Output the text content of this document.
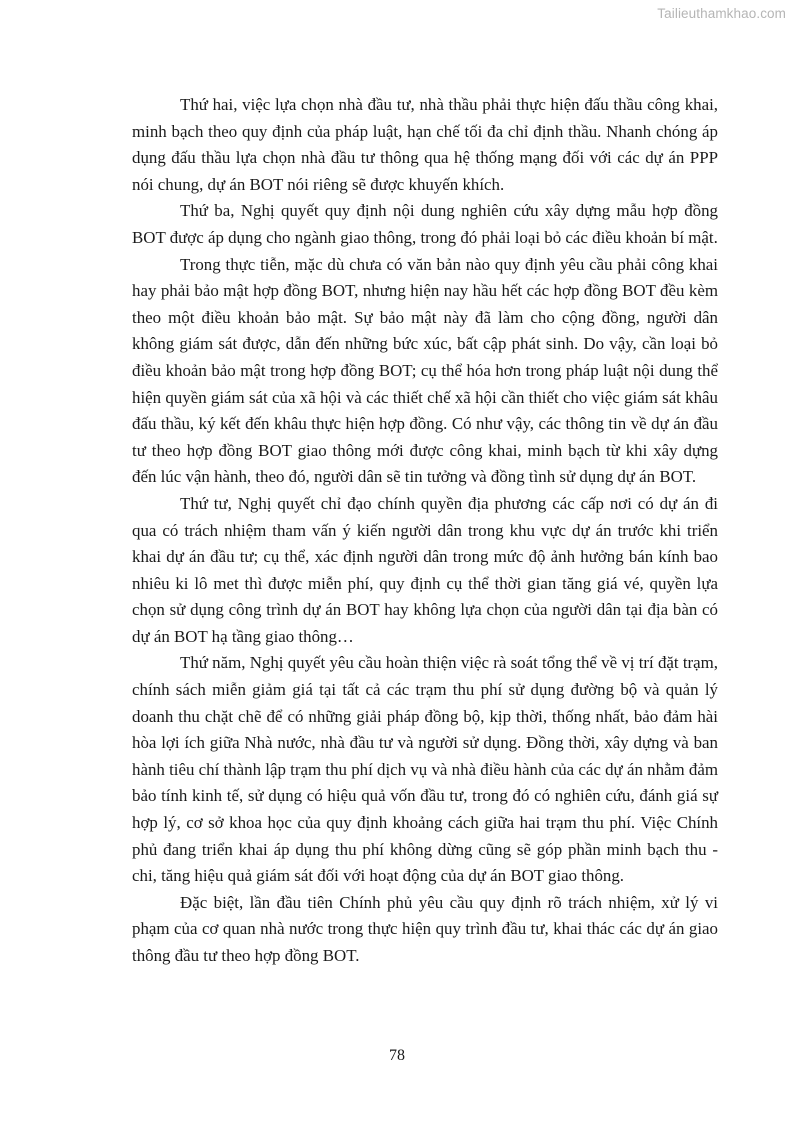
Tailieuthamkhao.com

Thứ hai, việc lựa chọn nhà đầu tư, nhà thầu phải thực hiện đấu thầu công khai, minh bạch theo quy định của pháp luật, hạn chế tối đa chỉ định thầu. Nhanh chóng áp dụng đấu thầu lựa chọn nhà đầu tư thông qua hệ thống mạng đối với các dự án PPP nói chung, dự án BOT nói riêng sẽ được khuyến khích.

Thứ ba, Nghị quyết quy định nội dung nghiên cứu xây dựng mẫu hợp đồng BOT được áp dụng cho ngành giao thông, trong đó phải loại bỏ các điều khoản bí mật.

Trong thực tiễn, mặc dù chưa có văn bản nào quy định yêu cầu phải công khai hay phải bảo mật hợp đồng BOT, nhưng hiện nay hầu hết các hợp đồng BOT đều kèm theo một điều khoản bảo mật. Sự bảo mật này đã làm cho cộng đồng, người dân không giám sát được, dẫn đến những bức xúc, bất cập phát sinh. Do vậy, cần loại bỏ điều khoản bảo mật trong hợp đồng BOT; cụ thể hóa hơn trong pháp luật nội dung thể hiện quyền giám sát của xã hội và các thiết chế xã hội cần thiết cho việc giám sát khâu đấu thầu, ký kết đến khâu thực hiện hợp đồng. Có như vậy, các thông tin về dự án đầu tư theo hợp đồng BOT giao thông mới được công khai, minh bạch từ khi xây dựng đến lúc vận hành, theo đó, người dân sẽ tin tưởng và đồng tình sử dụng dự án BOT.

Thứ tư, Nghị quyết chỉ đạo chính quyền địa phương các cấp nơi có dự án đi qua có trách nhiệm tham vấn ý kiến người dân trong khu vực dự án trước khi triển khai dự án đầu tư; cụ thể, xác định người dân trong mức độ ảnh hưởng bán kính bao nhiêu ki lô met thì được miễn phí, quy định cụ thể thời gian tăng giá vé, quyền lựa chọn sử dụng công trình dự án BOT hay không lựa chọn của người dân tại địa bàn có dự án BOT hạ tầng giao thông…

Thứ năm, Nghị quyết yêu cầu hoàn thiện việc rà soát tổng thể về vị trí đặt trạm, chính sách miễn giảm giá tại tất cả các trạm thu phí sử dụng đường bộ và quản lý doanh thu chặt chẽ để có những giải pháp đồng bộ, kịp thời, thống nhất, bảo đảm hài hòa lợi ích giữa Nhà nước, nhà đầu tư và người sử dụng. Đồng thời, xây dựng và ban hành tiêu chí thành lập trạm thu phí dịch vụ và nhà điều hành của các dự án nhằm đảm bảo tính kinh tế, sử dụng có hiệu quả vốn đầu tư, trong đó có nghiên cứu, đánh giá sự hợp lý, cơ sở khoa học của quy định khoảng cách giữa hai trạm thu phí. Việc Chính phủ đang triển khai áp dụng thu phí không dừng cũng sẽ góp phần minh bạch thu - chi, tăng hiệu quả giám sát đối với hoạt động của dự án BOT giao thông.

Đặc biệt, lần đầu tiên Chính phủ yêu cầu quy định rõ trách nhiệm, xử lý vi phạm của cơ quan nhà nước trong thực hiện quy trình đầu tư, khai thác các dự án giao thông đầu tư theo hợp đồng BOT.

78
